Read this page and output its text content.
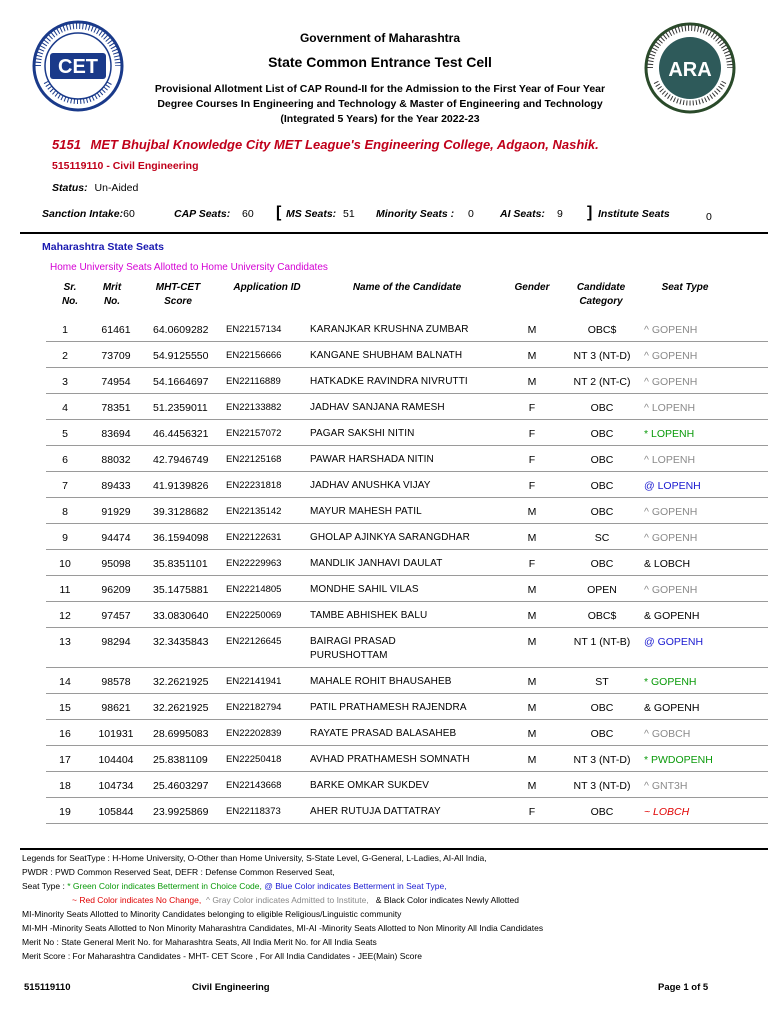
CET	ARA
Government of Maharashtra
State Common Entrance Test Cell
Provisional Allotment List of CAP Round-II for the Admission to the First Year of Four Year
Degree Courses In Engineering and Technology & Master of Engineering and Technology
(Integrated 5 Years) for the Year 2022-23
5151 MET Bhujbal Knowledge City MET League's Engineering College, Adgaon, Nashik.
515119110 - Civil Engineering
Status: Un-Aided
Sanction Intake:60	CAP Seats: 60 [ MS Seats: 51 Minority Seats : 0 AI Seats: 9 ] Institute Seats	0
Maharashtra State Seats
Home University Seats Allotted to Home University Candidates
Sr.
No.
Mrit
No.
MHT-CET
Score
Application ID	Name of the Candidate	Gender	Candidate
Category
Seat Type
1	61461	64.0609282 EN22157134	KARANJKAR KRUSHNA ZUMBAR	M	OBC$	^ GOPENH
2	73709	54.9125550 EN22156666	KANGANE SHUBHAM BALNATH	M	NT 3 (NT-D)	^ GOPENH
3	74954	54.1664697 EN22116889	HATKADKE RAVINDRA NIVRUTTI	M	NT 2 (NT-C)	^ GOPENH
4	78351	51.2359011 EN22133882	JADHAV SANJANA RAMESH	F	OBC	^ LOPENH
5	83694	46.4456321 EN22157072	PAGAR SAKSHI NITIN	F	OBC	* LOPENH
6	88032	42.7946749 EN22125168	PAWAR HARSHADA NITIN	F	OBC	^ LOPENH
7	89433	41.9139826 EN22231818	JADHAV ANUSHKA VIJAY	F	OBC	@ LOPENH
8	91929	39.3128682 EN22135142	MAYUR MAHESH PATIL	M	OBC	^ GOPENH
9	94474	36.1594098 EN22122631	GHOLAP AJINKYA SARANGDHAR	M	SC	^ GOPENH
10	95098	35.8351101 EN22229963	MANDLIK JANHAVI DAULAT	F	OBC	& LOBCH
11	96209	35.1475881 EN22214805	MONDHE SAHIL VILAS	M	OPEN	^ GOPENH
12	97457	33.0830640 EN22250069	TAMBE ABHISHEK BALU	M	OBC$	& GOPENH
13	98294	32.3435843 EN22126645	BAIRAGI PRASAD	M	NT 1 (NT-B)	@ GOPENH
PURUSHOTTAM
14	98578	32.2621925 EN22141941	MAHALE ROHIT BHAUSAHEB	M	ST	* GOPENH
15	98621	32.2621925 EN22182794	PATIL PRATHAMESH RAJENDRA	M	OBC	& GOPENH
16	101931 28.6995083 EN22202839	RAYATE PRASAD BALASAHEB	M	OBC	^ GOBCH
17	104404 25.8381109 EN22250418	AVHAD PRATHAMESH SOMNATH	M	NT 3 (NT-D)	* PWDOPENH
18	104734 25.4603297 EN22143668	BARKE OMKAR SUKDEV	M	NT 3 (NT-D)	^ GNT3H
19	105844 23.9925869 EN22118373	AHER RUTUJA DATTATRAY	F	OBC	~ LOBCH
Legends for SeatType : H-Home University, O-Other than Home University, S-State Level, G-General, L-Ladies, AI-All India,
PWDR : PWD Common Reserved Seat, DEFR : Defense Common Reserved Seat,
Seat Type : * Green Color indicates Betterment in Choice Code, @ Blue Color indicates Betterment in Seat Type,
~ Red Color indicates No Change, ^ Gray Color indicates Admitted to Institute, & Black Color indicates Newly Allotted
MI-Minority Seats Allotted to Minority Candidates belonging to eligible Religious/Linguistic community
MI-MH -Minority Seats Allotted to Non Minority Maharashtra Candidates, MI-AI -Minority Seats Allotted to Non Minority All India Candidates
Merit No : State General Merit No. for Maharashtra Seats, All India Merit No. for All India Seats
Merit Score : For Maharashtra Candidates - MHT- CET Score , For All India Candidates - JEE(Main) Score
515119110	Civil Engineering	Page 1 of 5
